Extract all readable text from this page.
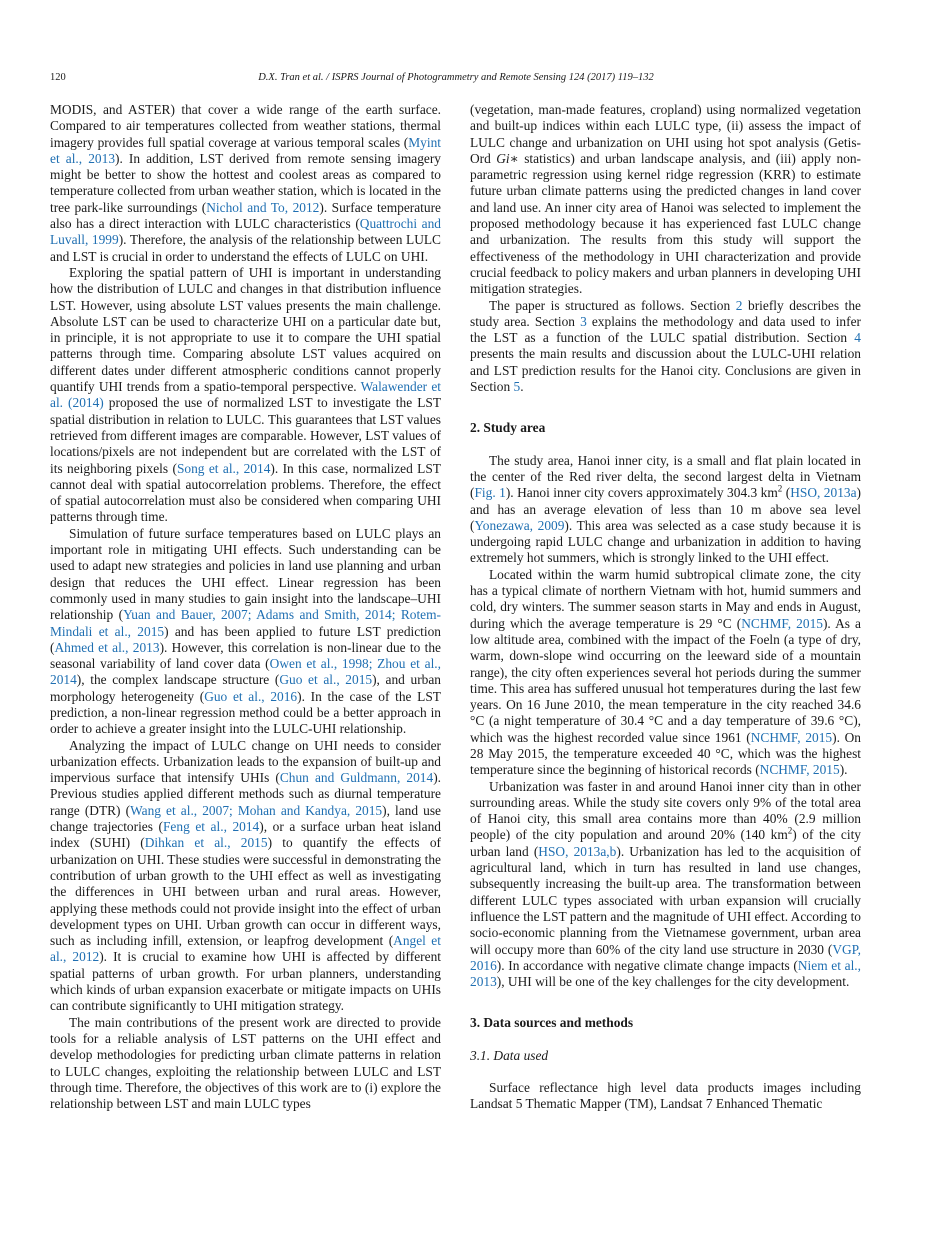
120	D.X. Tran et al. / ISPRS Journal of Photogrammetry and Remote Sensing 124 (2017) 119–132

MODIS, and ASTER) that cover a wide range of the earth surface. Compared to air temperatures collected from weather stations, thermal imagery provides full spatial coverage at various temporal scales (Myint et al., 2013). In addition, LST derived from remote sensing imagery might be better to show the hottest and coolest areas as compared to temperature collected from urban weather station, which is located in the tree park-like surroundings (Nichol and To, 2012). Surface temperature also has a direct interaction with LULC characteristics (Quattrochi and Luvall, 1999). Therefore, the analysis of the relationship between LULC and LST is crucial in order to understand the effects of LULC on UHI.

Exploring the spatial pattern of UHI is important in understanding how the distribution of LULC and changes in that distribution influence LST. However, using absolute LST values presents the main challenge. Absolute LST can be used to characterize UHI on a particular date but, in principle, it is not appropriate to use it to compare the UHI spatial patterns through time. Comparing absolute LST values acquired on different dates under different atmospheric conditions cannot properly quantify UHI trends from a spatio-temporal perspective. Walawender et al. (2014) proposed the use of normalized LST to investigate the LST spatial distribution in relation to LULC. This guarantees that LST values retrieved from different images are comparable. However, LST values of locations/pixels are not independent but are correlated with the LST of its neighboring pixels (Song et al., 2014). In this case, normalized LST cannot deal with spatial autocorrelation problems. Therefore, the effect of spatial autocorrelation must also be considered when comparing UHI patterns through time.

Simulation of future surface temperatures based on LULC plays an important role in mitigating UHI effects. Such understanding can be used to adapt new strategies and policies in land use planning and urban design that reduces the UHI effect. Linear regression has been commonly used in many studies to gain insight into the landscape–UHI relationship (Yuan and Bauer, 2007; Adams and Smith, 2014; Rotem-Mindali et al., 2015) and has been applied to future LST prediction (Ahmed et al., 2013). However, this correlation is non-linear due to the seasonal variability of land cover data (Owen et al., 1998; Zhou et al., 2014), the complex landscape structure (Guo et al., 2015), and urban morphology heterogeneity (Guo et al., 2016). In the case of the LST prediction, a non-linear regression method could be a better approach in order to achieve a greater insight into the LULC-UHI relationship.

Analyzing the impact of LULC change on UHI needs to consider urbanization effects. Urbanization leads to the expansion of built-up and impervious surface that intensify UHIs (Chun and Guldmann, 2014). Previous studies applied different methods such as diurnal temperature range (DTR) (Wang et al., 2007; Mohan and Kandya, 2015), land use change trajectories (Feng et al., 2014), or a surface urban heat island index (SUHI) (Dihkan et al., 2015) to quantify the effects of urbanization on UHI. These studies were successful in demonstrating the contribution of urban growth to the UHI effect as well as investigating the differences in UHI between urban and rural areas. However, applying these methods could not provide insight into the effect of urban development types on UHI. Urban growth can occur in different ways, such as including infill, extension, or leapfrog development (Angel et al., 2012). It is crucial to examine how UHI is affected by different spatial patterns of urban growth. For urban planners, understanding which kinds of urban expansion exacerbate or mitigate impacts on UHIs can contribute significantly to UHI mitigation strategy.

The main contributions of the present work are directed to provide tools for a reliable analysis of LST patterns on the UHI effect and develop methodologies for predicting urban climate patterns in relation to LULC changes, exploiting the relationship between LULC and LST through time. Therefore, the objectives of this work are to (i) explore the relationship between LST and main LULC types

(vegetation, man-made features, cropland) using normalized vegetation and built-up indices within each LULC type, (ii) assess the impact of LULC change and urbanization on UHI using hot spot analysis (Getis-Ord Gi∗ statistics) and urban landscape analysis, and (iii) apply non-parametric regression using kernel ridge regression (KRR) to estimate future urban climate patterns using the predicted changes in land cover and land use. An inner city area of Hanoi was selected to implement the proposed methodology because it has experienced fast LULC change and urbanization. The results from this study will support the effectiveness of the methodology in UHI characterization and provide crucial feedback to policy makers and urban planners in developing UHI mitigation strategies.

The paper is structured as follows. Section 2 briefly describes the study area. Section 3 explains the methodology and data used to infer the LST as a function of the LULC spatial distribution. Section 4 presents the main results and discussion about the LULC-UHI relation and LST prediction results for the Hanoi city. Conclusions are given in Section 5.

2. Study area

The study area, Hanoi inner city, is a small and flat plain located in the center of the Red river delta, the second largest delta in Vietnam (Fig. 1). Hanoi inner city covers approximately 304.3 $km^2$ (HSO, 2013a) and has an average elevation of less than 10 m above sea level (Yonezawa, 2009). This area was selected as a case study because it is undergoing rapid LULC change and urbanization in addition to having extremely hot summers, which is strongly linked to the UHI effect.

Located within the warm humid subtropical climate zone, the city has a typical climate of northern Vietnam with hot, humid summers and cold, dry winters. The summer season starts in May and ends in August, during which the average temperature is 29 °C (NCHMF, 2015). As a low altitude area, combined with the impact of the Foeln (a type of dry, warm, down-slope wind occurring on the leeward side of a mountain range), the city often experiences several hot periods during the summer time. This area has suffered unusual hot temperatures during the last few years. On 16 June 2010, the mean temperature in the city reached 34.6 °C (a night temperature of 30.4 °C and a day temperature of 39.6 °C), which was the highest recorded value since 1961 (NCHMF, 2015). On 28 May 2015, the temperature exceeded 40 °C, which was the highest temperature since the beginning of historical records (NCHMF, 2015).

Urbanization was faster in and around Hanoi inner city than in other surrounding areas. While the study site covers only 9% of the total area of Hanoi city, this small area contains more than 40% (2.9 million people) of the city population and around 20% (140 $km^2$) of the city urban land (HSO, 2013a,b). Urbanization has led to the acquisition of agricultural land, which in turn has resulted in land use changes, subsequently increasing the built-up area. The transformation between different LULC types associated with urban expansion will crucially influence the LST pattern and the magnitude of UHI effect. According to socio-economic planning from the Vietnamese government, urban area will occupy more than 60% of the city land use structure in 2030 (VGP, 2016). In accordance with negative climate change impacts (Niem et al., 2013), UHI will be one of the key challenges for the city development.

3. Data sources and methods
3.1. Data used

Surface reflectance high level data products images including Landsat 5 Thematic Mapper (TM), Landsat 7 Enhanced Thematic
